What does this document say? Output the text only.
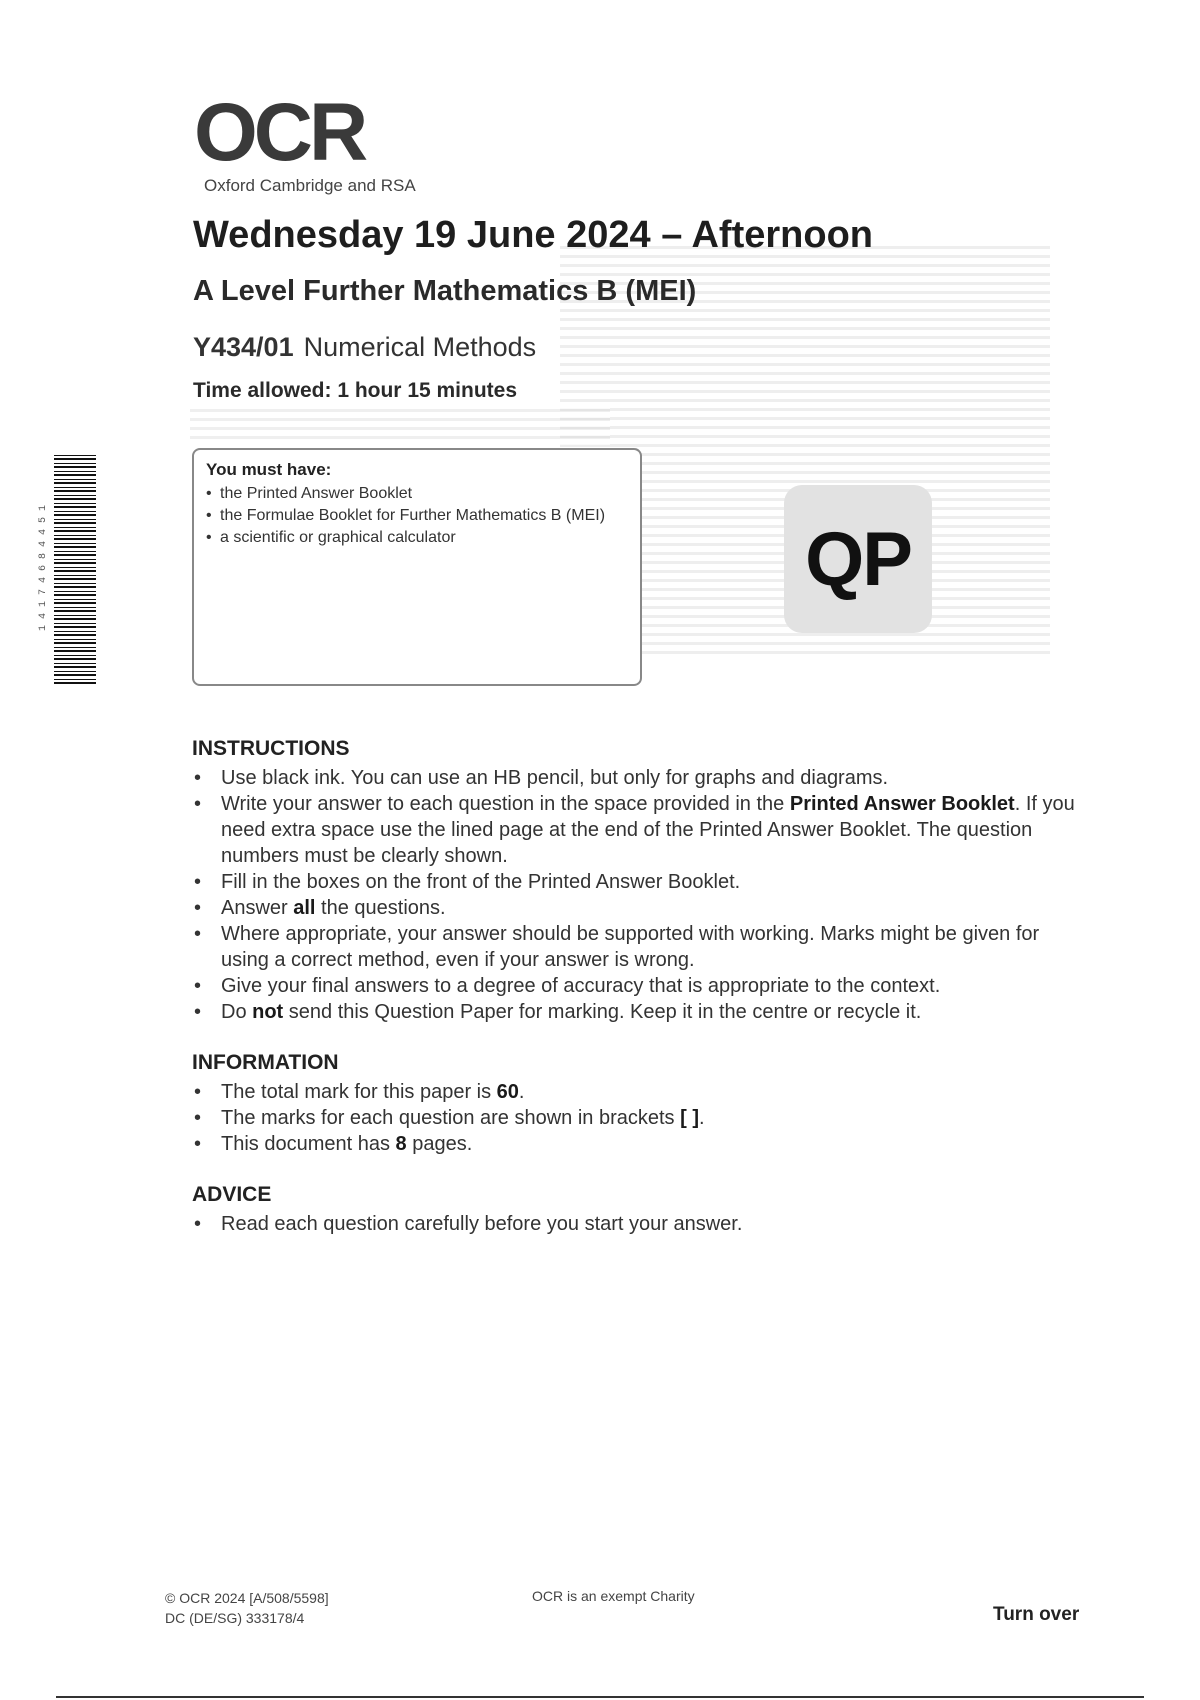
OCR
Oxford Cambridge and RSA
Wednesday 19 June 2024 – Afternoon
A Level Further Mathematics B (MEI)
Y434/01 Numerical Methods
Time allowed: 1 hour 15 minutes
1 4 1 7 4 6 8 4 4 5 1
You must have:
• the Printed Answer Booklet
• the Formulae Booklet for Further Mathematics B (MEI)
• a scientific or graphical calculator	QP
INSTRUCTIONS
• Use black ink. You can use an HB pencil, but only for graphs and diagrams.
• Write your answer to each question in the space provided in the Printed Answer Booklet. If you need extra space use the lined page at the end of the Printed Answer Booklet. The question numbers must be clearly shown.
• Fill in the boxes on the front of the Printed Answer Booklet.
• Answer all the questions.
• Where appropriate, your answer should be supported with working. Marks might be given for using a correct method, even if your answer is wrong.
• Give your final answers to a degree of accuracy that is appropriate to the context.
• Do not send this Question Paper for marking. Keep it in the centre or recycle it.
INFORMATION
• The total mark for this paper is 60.
• The marks for each question are shown in brackets [ ].
• This document has 8 pages.
ADVICE
• Read each question carefully before you start your answer.
© OCR 2024 [A/508/5598]
DC (DE/SG) 333178/4
OCR is an exempt Charity
Turn over
